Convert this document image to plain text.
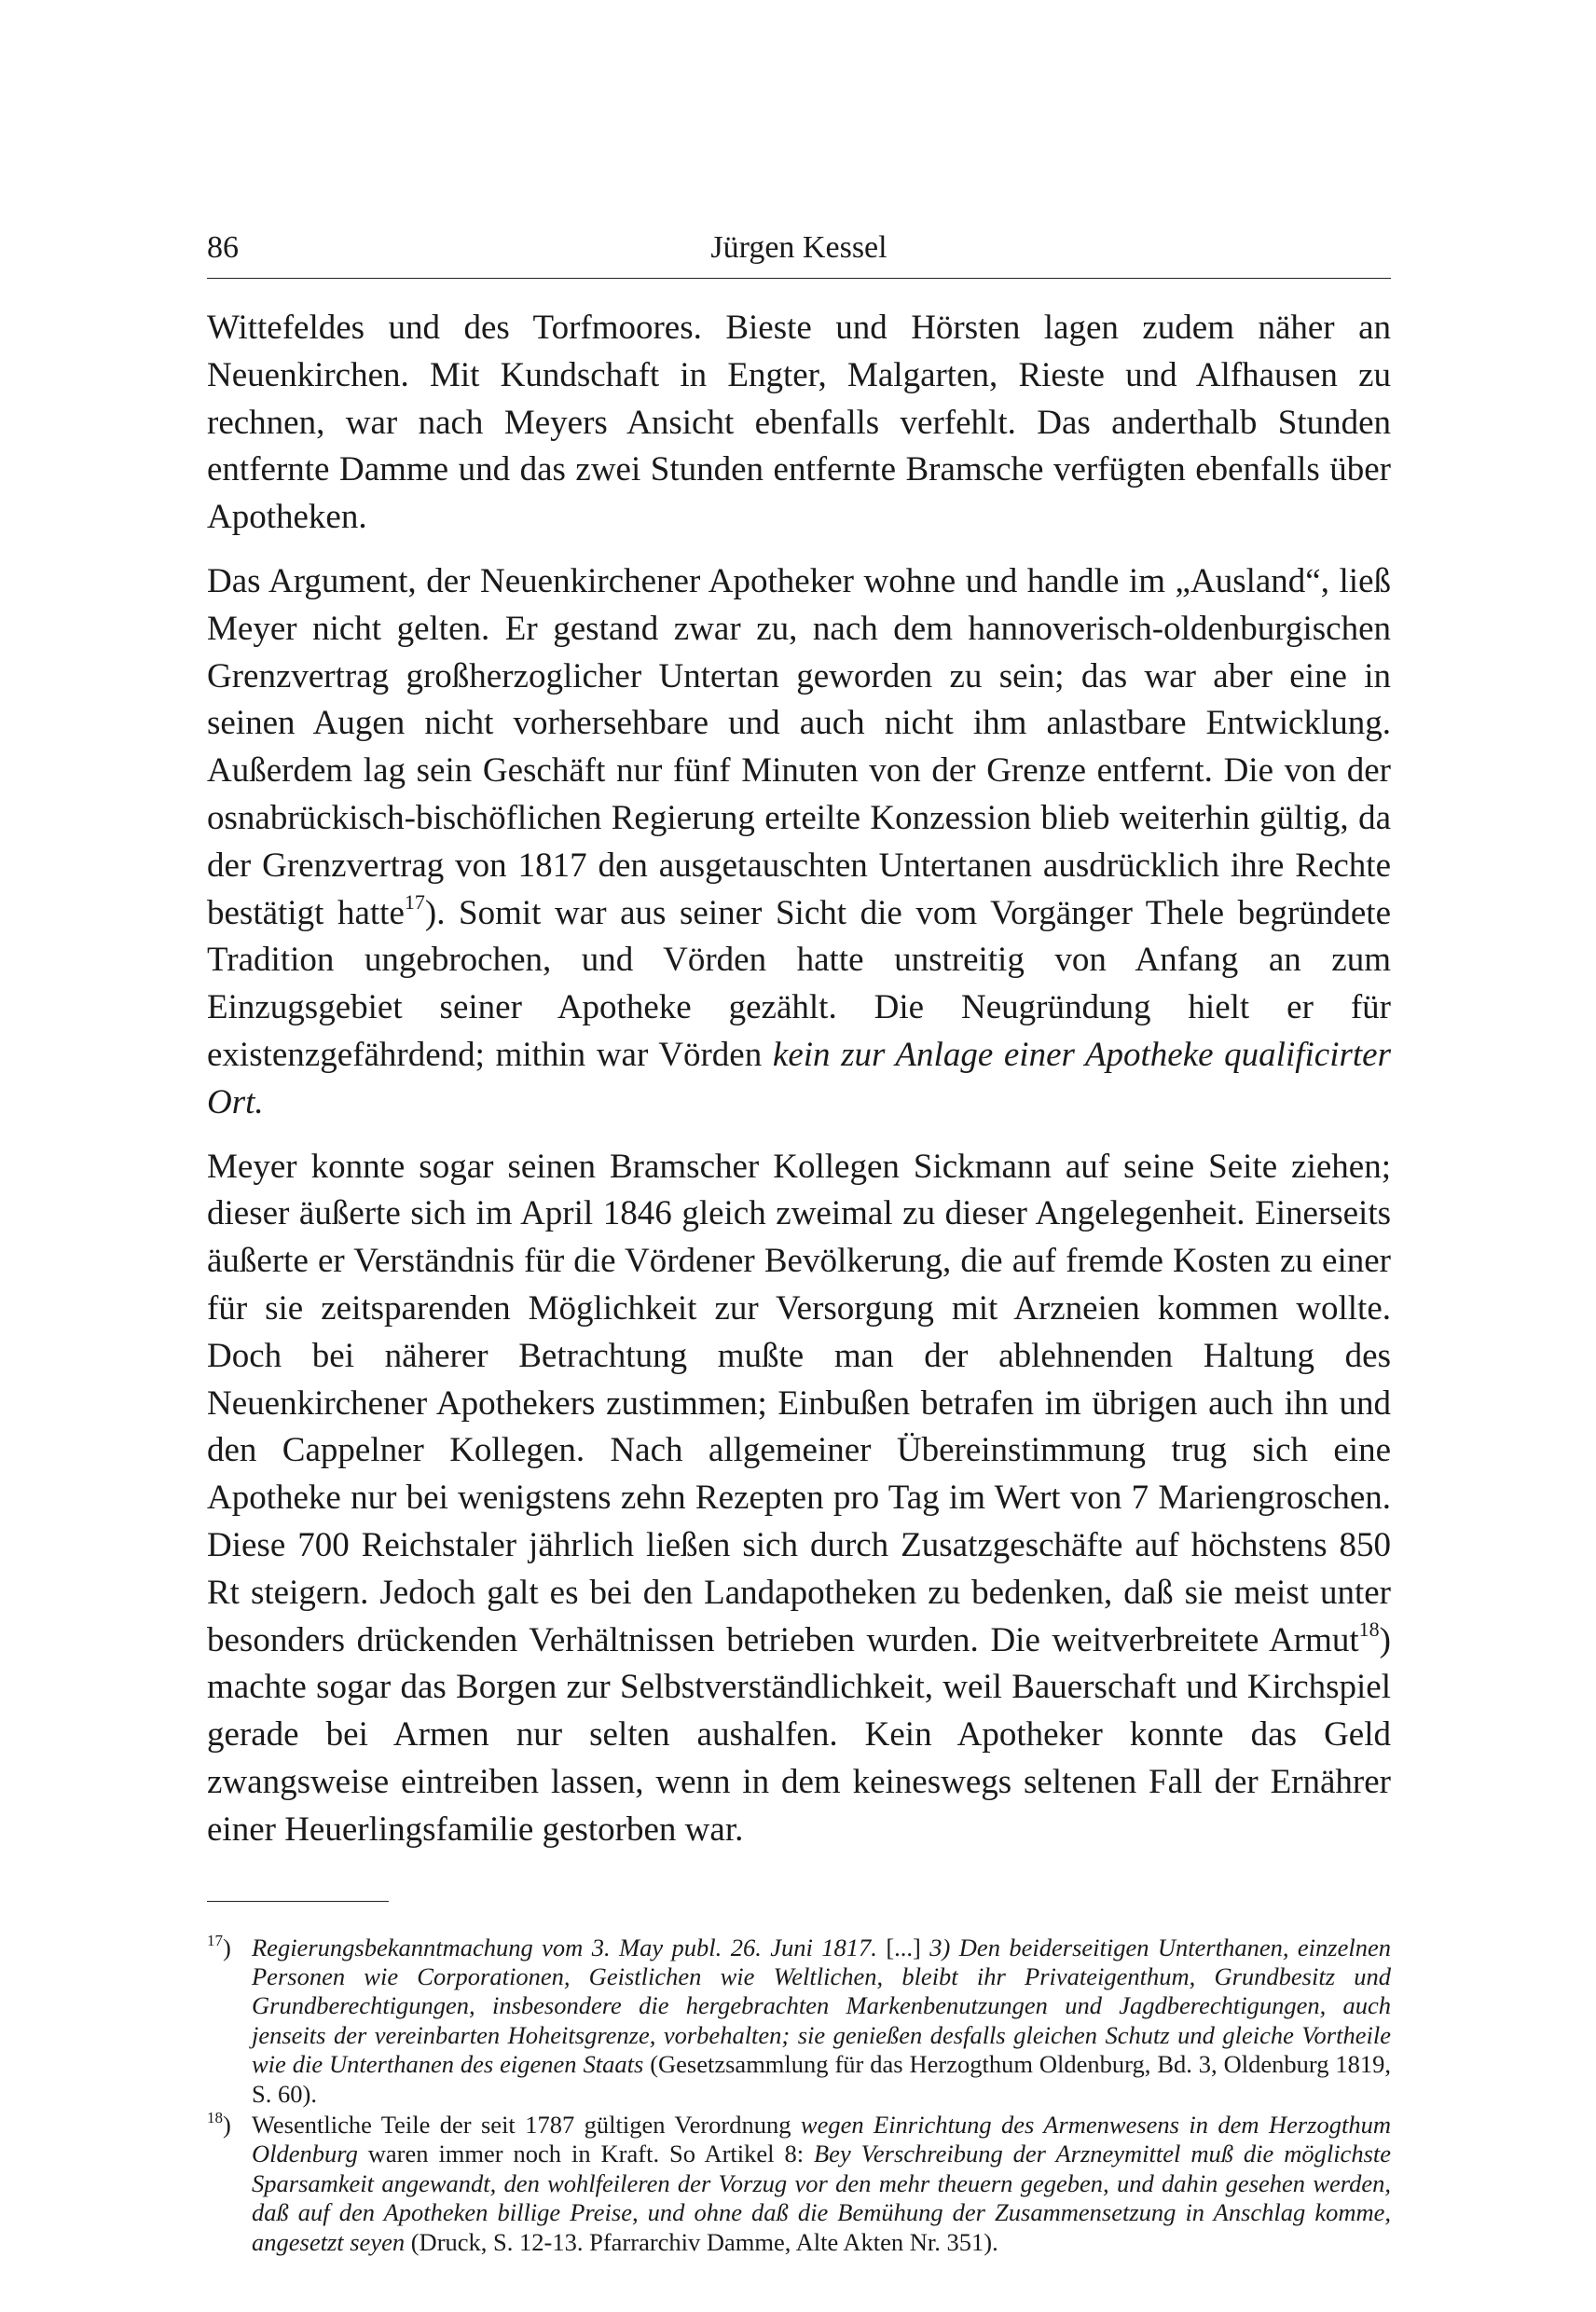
86	Jürgen Kessel

Wittefeldes und des Torfmoores. Bieste und Hörsten lagen zudem näher an Neuenkirchen. Mit Kundschaft in Engter, Malgarten, Rieste und Alfhausen zu rechnen, war nach Meyers Ansicht ebenfalls verfehlt. Das anderthalb Stunden entfernte Damme und das zwei Stunden entfernte Bramsche verfügten ebenfalls über Apotheken.

Das Argument, der Neuenkirchener Apotheker wohne und handle im „Ausland“, ließ Meyer nicht gelten. Er gestand zwar zu, nach dem hannoverisch-oldenburgischen Grenzvertrag großherzoglicher Untertan geworden zu sein; das war aber eine in seinen Augen nicht vorhersehbare und auch nicht ihm anlastbare Entwicklung. Außerdem lag sein Geschäft nur fünf Minuten von der Grenze entfernt. Die von der osnabrückisch-bischöflichen Regierung erteilte Konzession blieb weiterhin gültig, da der Grenzvertrag von 1817 den ausgetauschten Untertanen ausdrücklich ihre Rechte bestätigt hatte$^{17}$). Somit war aus seiner Sicht die vom Vorgänger Thele begründete Tradition ungebrochen, und Vörden hatte unstreitig von Anfang an zum Einzugsgebiet seiner Apotheke gezählt. Die Neugründung hielt er für existenzgefährdend; mithin war Vörden kein zur Anlage einer Apotheke qualificirter Ort.

Meyer konnte sogar seinen Bramscher Kollegen Sickmann auf seine Seite ziehen; dieser äußerte sich im April 1846 gleich zweimal zu dieser Angelegenheit. Einerseits äußerte er Verständnis für die Vördener Bevölkerung, die auf fremde Kosten zu einer für sie zeitsparenden Möglichkeit zur Versorgung mit Arzneien kommen wollte. Doch bei näherer Betrachtung mußte man der ablehnenden Haltung des Neuenkirchener Apothekers zustimmen; Einbußen betrafen im übrigen auch ihn und den Cappelner Kollegen. Nach allgemeiner Übereinstimmung trug sich eine Apotheke nur bei wenigstens zehn Rezepten pro Tag im Wert von 7 Mariengroschen. Diese 700 Reichstaler jährlich ließen sich durch Zusatzgeschäfte auf höchstens 850 Rt steigern. Jedoch galt es bei den Landapotheken zu bedenken, daß sie meist unter besonders drückenden Verhältnissen betrieben wurden. Die weitverbreitete Armut$^{18}$) machte sogar das Borgen zur Selbstverständlichkeit, weil Bauerschaft und Kirchspiel gerade bei Armen nur selten aushalfen. Kein Apotheker konnte das Geld zwangsweise eintreiben lassen, wenn in dem keineswegs seltenen Fall der Ernährer einer Heuerlingsfamilie gestorben war.

$^{17}$) Regierungsbekanntmachung vom 3. May publ. 26. Juni 1817. [...] 3) Den beiderseitigen Unterthanen, einzelnen Personen wie Corporationen, Geistlichen wie Weltlichen, bleibt ihr Privateigenthum, Grundbesitz und Grundberechtigungen, insbesondere die hergebrachten Markenbenutzungen und Jagdberechtigungen, auch jenseits der vereinbarten Hoheitsgrenze, vorbehalten; sie genießen desfalls gleichen Schutz und gleiche Vortheile wie die Unterthanen des eigenen Staats (Gesetzsammlung für das Herzogthum Oldenburg, Bd. 3, Oldenburg 1819, S. 60).
$^{18}$) Wesentliche Teile der seit 1787 gültigen Verordnung wegen Einrichtung des Armenwesens in dem Herzogthum Oldenburg waren immer noch in Kraft. So Artikel 8: Bey Verschreibung der Arzneymittel muß die möglichste Sparsamkeit angewandt, den wohlfeileren der Vorzug vor den mehr theuern gegeben, und dahin gesehen werden, daß auf den Apotheken billige Preise, und ohne daß die Bemühung der Zusammensetzung in Anschlag komme, angesetzt seyen (Druck, S. 12-13. Pfarrarchiv Damme, Alte Akten Nr. 351).
